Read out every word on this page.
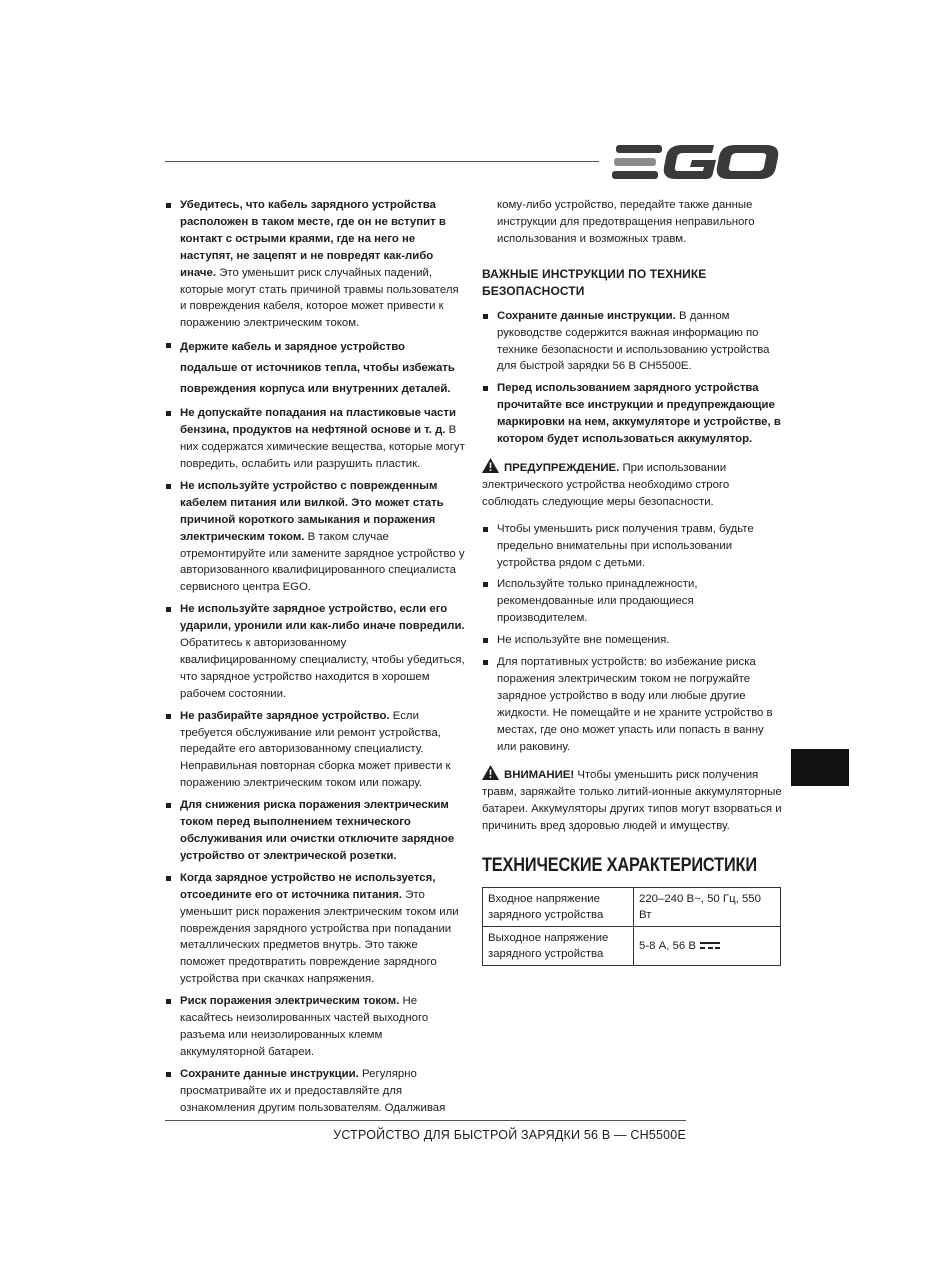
Убедитесь, что кабель зарядного устройства расположен в таком месте, где он не вступит в контакт с острыми краями, где на него не наступят, не зацепят и не повредят как-либо иначе. Это уменьшит риск случайных падений, которые могут стать причиной травмы пользователя и повреждения кабеля, которое может привести к поражению электрическим током.
Держите кабель и зарядное устройство подальше от источников тепла, чтобы избежать повреждения корпуса или внутренних деталей.
Не допускайте попадания на пластиковые части бензина, продуктов на нефтяной основе и т. д. В них содержатся химические вещества, которые могут повредить, ослабить или разрушить пластик.
Не используйте устройство с поврежденным кабелем питания или вилкой. Это может стать причиной короткого замыкания и поражения электрическим током. В таком случае отремонтируйте или замените зарядное устройство у авторизованного квалифицированного специалиста сервисного центра EGO.
Не используйте зарядное устройство, если его ударили, уронили или как-либо иначе повредили. Обратитесь к авторизованному квалифицированному специалисту, чтобы убедиться, что зарядное устройство находится в хорошем рабочем состоянии.
Не разбирайте зарядное устройство. Если требуется обслуживание или ремонт устройства, передайте его авторизованному специалисту. Неправильная повторная сборка может привести к поражению электрическим током или пожару.
Для снижения риска поражения электрическим током перед выполнением технического обслуживания или очистки отключите зарядное устройство от электрической розетки.
Когда зарядное устройство не используется, отсоедините его от источника питания. Это уменьшит риск поражения электрическим током или повреждения зарядного устройства при попадании металлических предметов внутрь. Это также поможет предотвратить повреждение зарядного устройства при скачках напряжения.
Риск поражения электрическим током. Не касайтесь неизолированных частей выходного разъема или неизолированных клемм аккумуляторной батареи.
Сохраните данные инструкции. Регулярно просматривайте их и предоставляйте для ознакомления другим пользователям. Одалживая

кому-либо устройство, передайте также данные инструкции для предотвращения неправильного использования и возможных травм.

ВАЖНЫЕ ИНСТРУКЦИИ ПО ТЕХНИКЕ БЕЗОПАСНОСТИ
Сохраните данные инструкции. В данном руководстве содержится важная информацию по технике безопасности и использованию устройства для быстрой зарядки 56 В CH5500E.
Перед использованием зарядного устройства прочитайте все инструкции и предупреждающие маркировки на нем, аккумуляторе и устройстве, в котором будет использоваться аккумулятор.

ПРЕДУПРЕЖДЕНИЕ. При использовании электрического устройства необходимо строго соблюдать следующие меры безопасности.

Чтобы уменьшить риск получения травм, будьте предельно внимательны при использовании устройства рядом с детьми.
Используйте только принадлежности, рекомендованные или продающиеся производителем.
Не используйте вне помещения.
Для портативных устройств: во избежание риска поражения электрическим током не погружайте зарядное устройство в воду или любые другие жидкости. Не помещайте и не храните устройство в местах, где оно может упасть или попасть в ванну или раковину.

ВНИМАНИЕ! Чтобы уменьшить риск получения травм, заряжайте только литий-ионные аккумуляторные батареи. Аккумуляторы других типов могут взорваться и причинить вред здоровью людей и имуществу.

ТЕХНИЧЕСКИЕ ХАРАКТЕРИСТИКИ
Входное напряжение зарядного устройства	220–240 В~, 50 Гц, 550 Вт
Выходное напряжение зарядного устройства	5-8 А, 56 В
УСТРОЙСТВО ДЛЯ БЫСТРОЙ ЗАРЯДКИ 56 В — CH5500E
